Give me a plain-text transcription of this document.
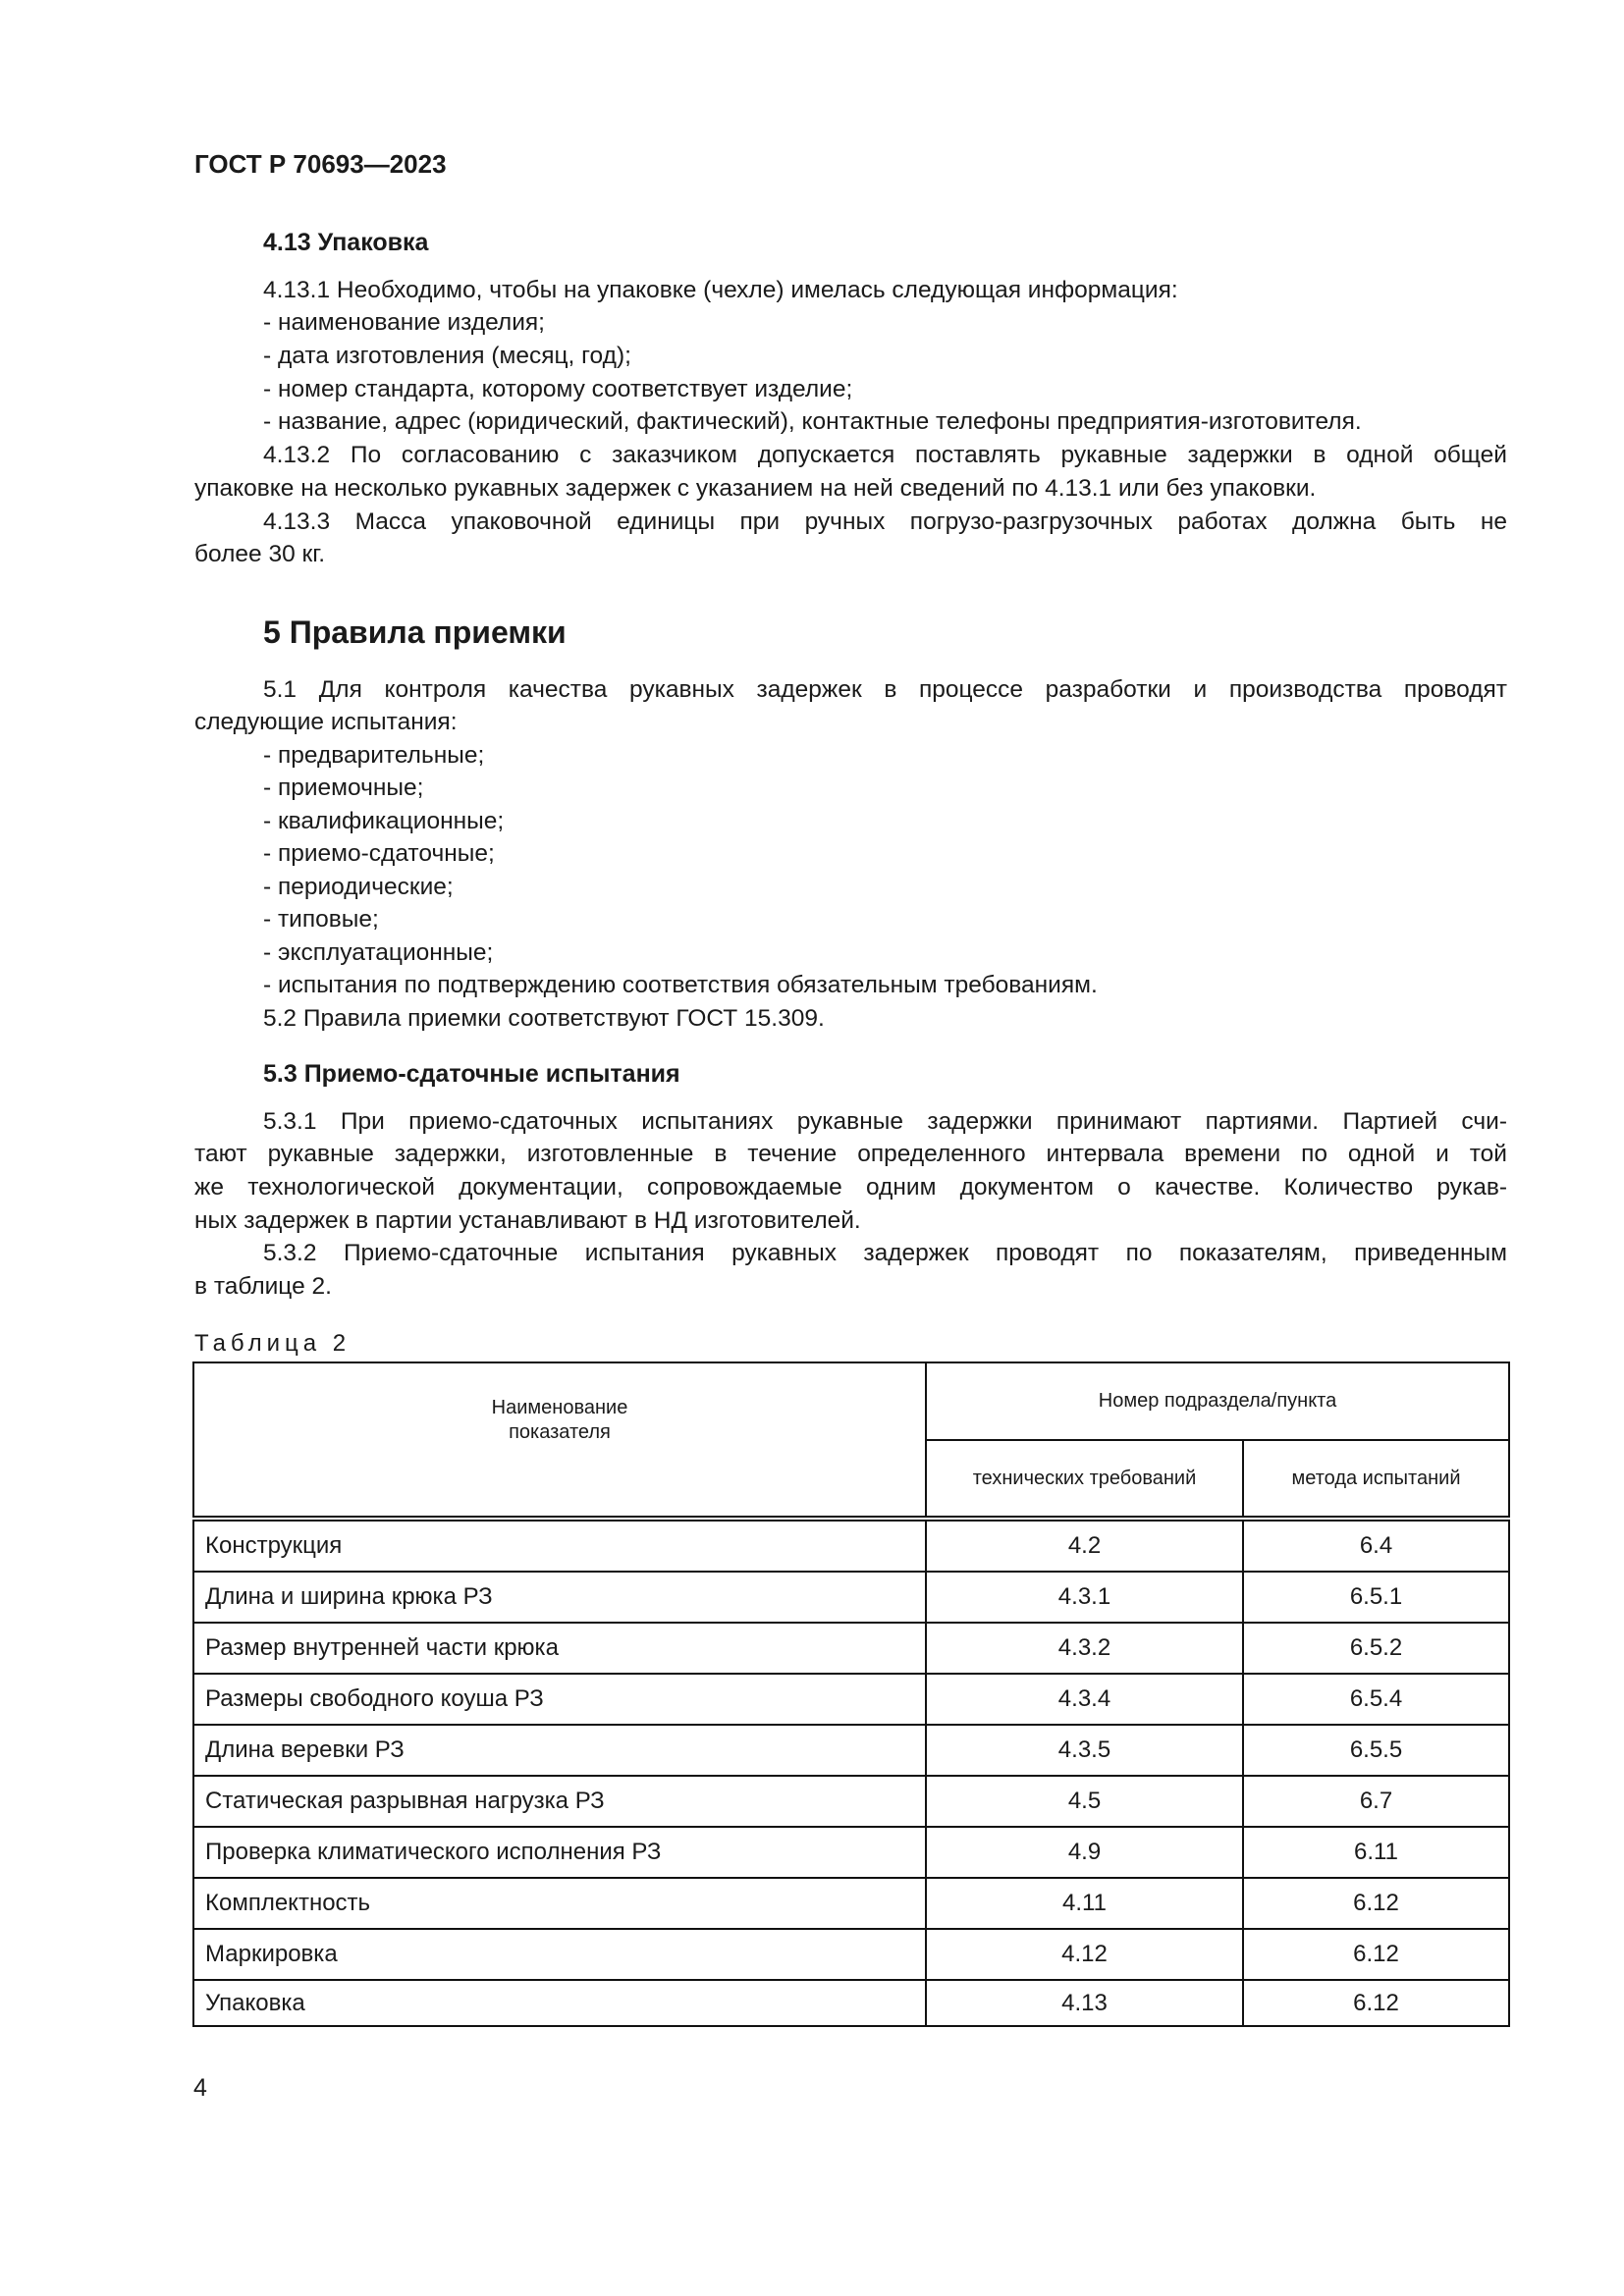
ГОСТ Р 70693—2023
4.13 Упаковка
4.13.1 Необходимо, чтобы на упаковке (чехле) имелась следующая информация:
- наименование изделия;
- дата изготовления (месяц, год);
- номер стандарта, которому соответствует изделие;
- название, адрес (юридический, фактический), контактные телефоны предприятия-изготовителя.
4.13.2 По согласованию с заказчиком допускается поставлять рукавные задержки в одной общей
упаковке на несколько рукавных задержек с указанием на ней сведений по 4.13.1 или без упаковки.
4.13.3 Масса упаковочной единицы при ручных погрузо-разгрузочных работах должна быть не
более 30 кг.
5 Правила приемки
5.1 Для контроля качества рукавных задержек в процессе разработки и производства проводят
следующие испытания:
- предварительные;
- приемочные;
- квалификационные;
- приемо-сдаточные;
- периодические;
- типовые;
- эксплуатационные;
- испытания по подтверждению соответствия обязательным требованиям.
5.2 Правила приемки соответствуют ГОСТ 15.309.
5.3 Приемо-сдаточные испытания
5.3.1 При приемо-сдаточных испытаниях рукавные задержки принимают партиями. Партией счи-
тают рукавные задержки, изготовленные в течение определенного интервала времени по одной и той
же технологической документации, сопровождаемые одним документом о качестве. Количество рукав-
ных задержек в партии устанавливают в НД изготовителей.
5.3.2 Приемо-сдаточные испытания рукавных задержек проводят по показателям, приведенным
в таблице 2.
Таблица 2
Наименование
показателя	Номер подраздела/пункта	
	технических требований	метода испытаний
Конструкция	4.2	6.4
Длина и ширина крюка РЗ	4.3.1	6.5.1
Размер внутренней части крюка	4.3.2	6.5.2
Размеры свободного коуша РЗ	4.3.4	6.5.4
Длина веревки РЗ	4.3.5	6.5.5
Статическая разрывная нагрузка РЗ	4.5	6.7
Проверка климатического исполнения РЗ	4.9	6.11
Комплектность	4.11	6.12
Маркировка	4.12	6.12
Упаковка	4.13	6.12
4
